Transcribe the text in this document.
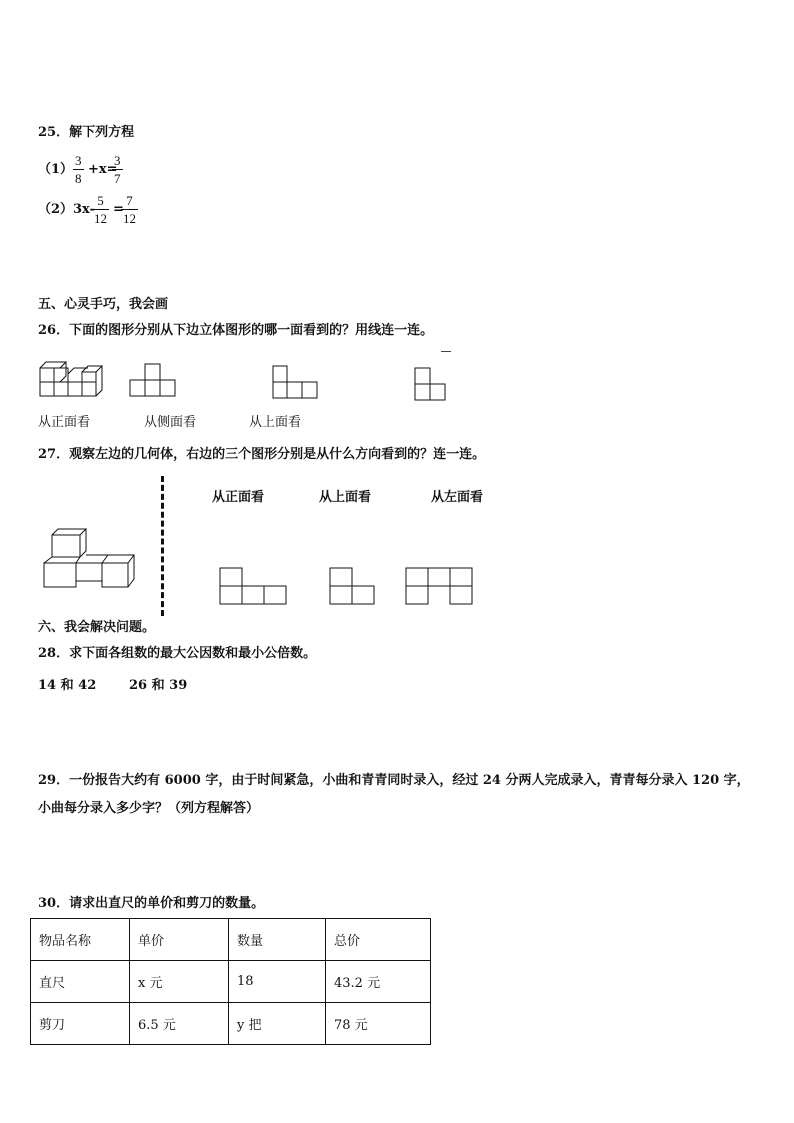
25．解下列方程
$(1) \frac{3}{8} +x=$
$\frac{3}{7}$
（2） 3x-
$\frac{5}{12}$ =
$\frac{7}{12}$
五、心灵手巧，我会画
26．下面的图形分别从下边立体图形的哪一面看到的？用线连一连。
从正面看	从侧面看	从上面看
27．观察左边的几何体，右边的三个图形分别是从什么方向看到的？连一连。
从正面看	从上面看	从左面看
六、我会解决问题。
28．求下面各组数的最大公因数和最小公倍数。
14 和 42	26 和 39
29．一份报告大约有 6000 字，由于时间紧急，小曲和青青同时录入，经过 24 分两人完成录入，青青每分录入 120 字，
小曲每分录入多少字？（列方程解答）
30．请求出直尺的单价和剪刀的数量。
物品名称	单价	数量	总价
直尺	x 元	18	43.2 元
剪刀	6.5 元	y 把	78 元
